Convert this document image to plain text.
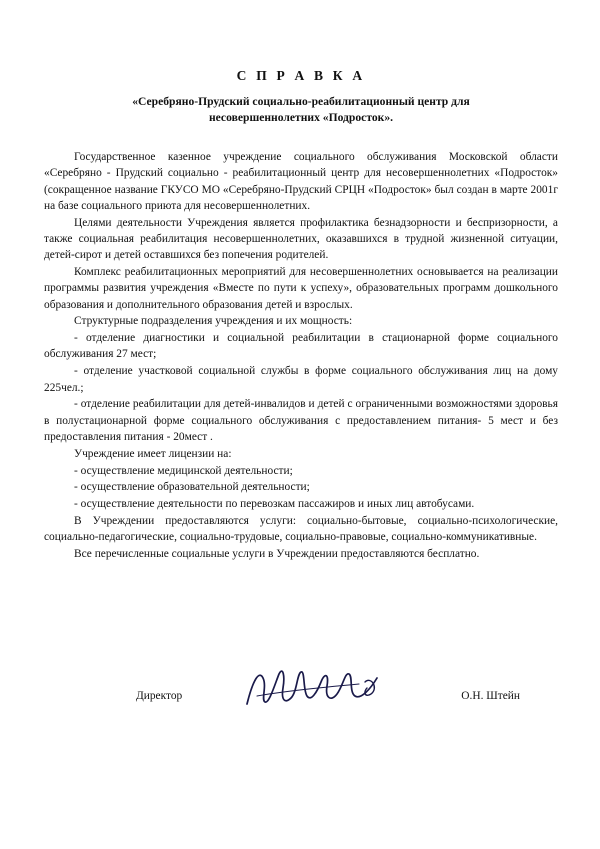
С П Р А В К А
«Серебряно-Прудский социально-реабилитационный центр для несовершеннолетних «Подросток».

Государственное казенное учреждение социального обслуживания Московской области «Серебряно - Прудский социально - реабилитационный центр для несовершеннолетних «Подросток» (сокращенное название ГКУСО МО «Серебряно-Прудский СРЦН «Подросток» был создан в марте 2001г на базе социального приюта для несовершеннолетних.

Целями деятельности Учреждения является профилактика безнадзорности и беспризорности, а также социальная реабилитация несовершеннолетних, оказавшихся в трудной жизненной ситуации, детей-сирот и детей оставшихся без попечения родителей.

Комплекс реабилитационных мероприятий для несовершеннолетних основывается на реализации программы развития учреждения «Вместе по пути к успеху», образовательных программ дошкольного образования и дополнительного образования детей и взрослых.

Структурные подразделения учреждения и их мощность:

- отделение диагностики и социальной реабилитации в стационарной форме социального обслуживания 27 мест;

- отделение участковой социальной службы в форме социального обслуживания лиц на дому 225чел.;

- отделение реабилитации для детей-инвалидов и детей с ограниченными возможностями здоровья в полустационарной форме социального обслуживания с предоставлением питания- 5 мест и без предоставления питания - 20мест .

Учреждение имеет лицензии на:

- осуществление медицинской деятельности;

- осуществление образовательной деятельности;

- осуществление деятельности по перевозкам пассажиров и иных лиц автобусами.

В Учреждении предоставляются услуги: социально-бытовые, социально-психологические, социально-педагогические, социально-трудовые, социально-правовые, социально-коммуникативные.

Все перечисленные социальные услуги в Учреждении предоставляются бесплатно.

Директор	О.Н. Штейн
